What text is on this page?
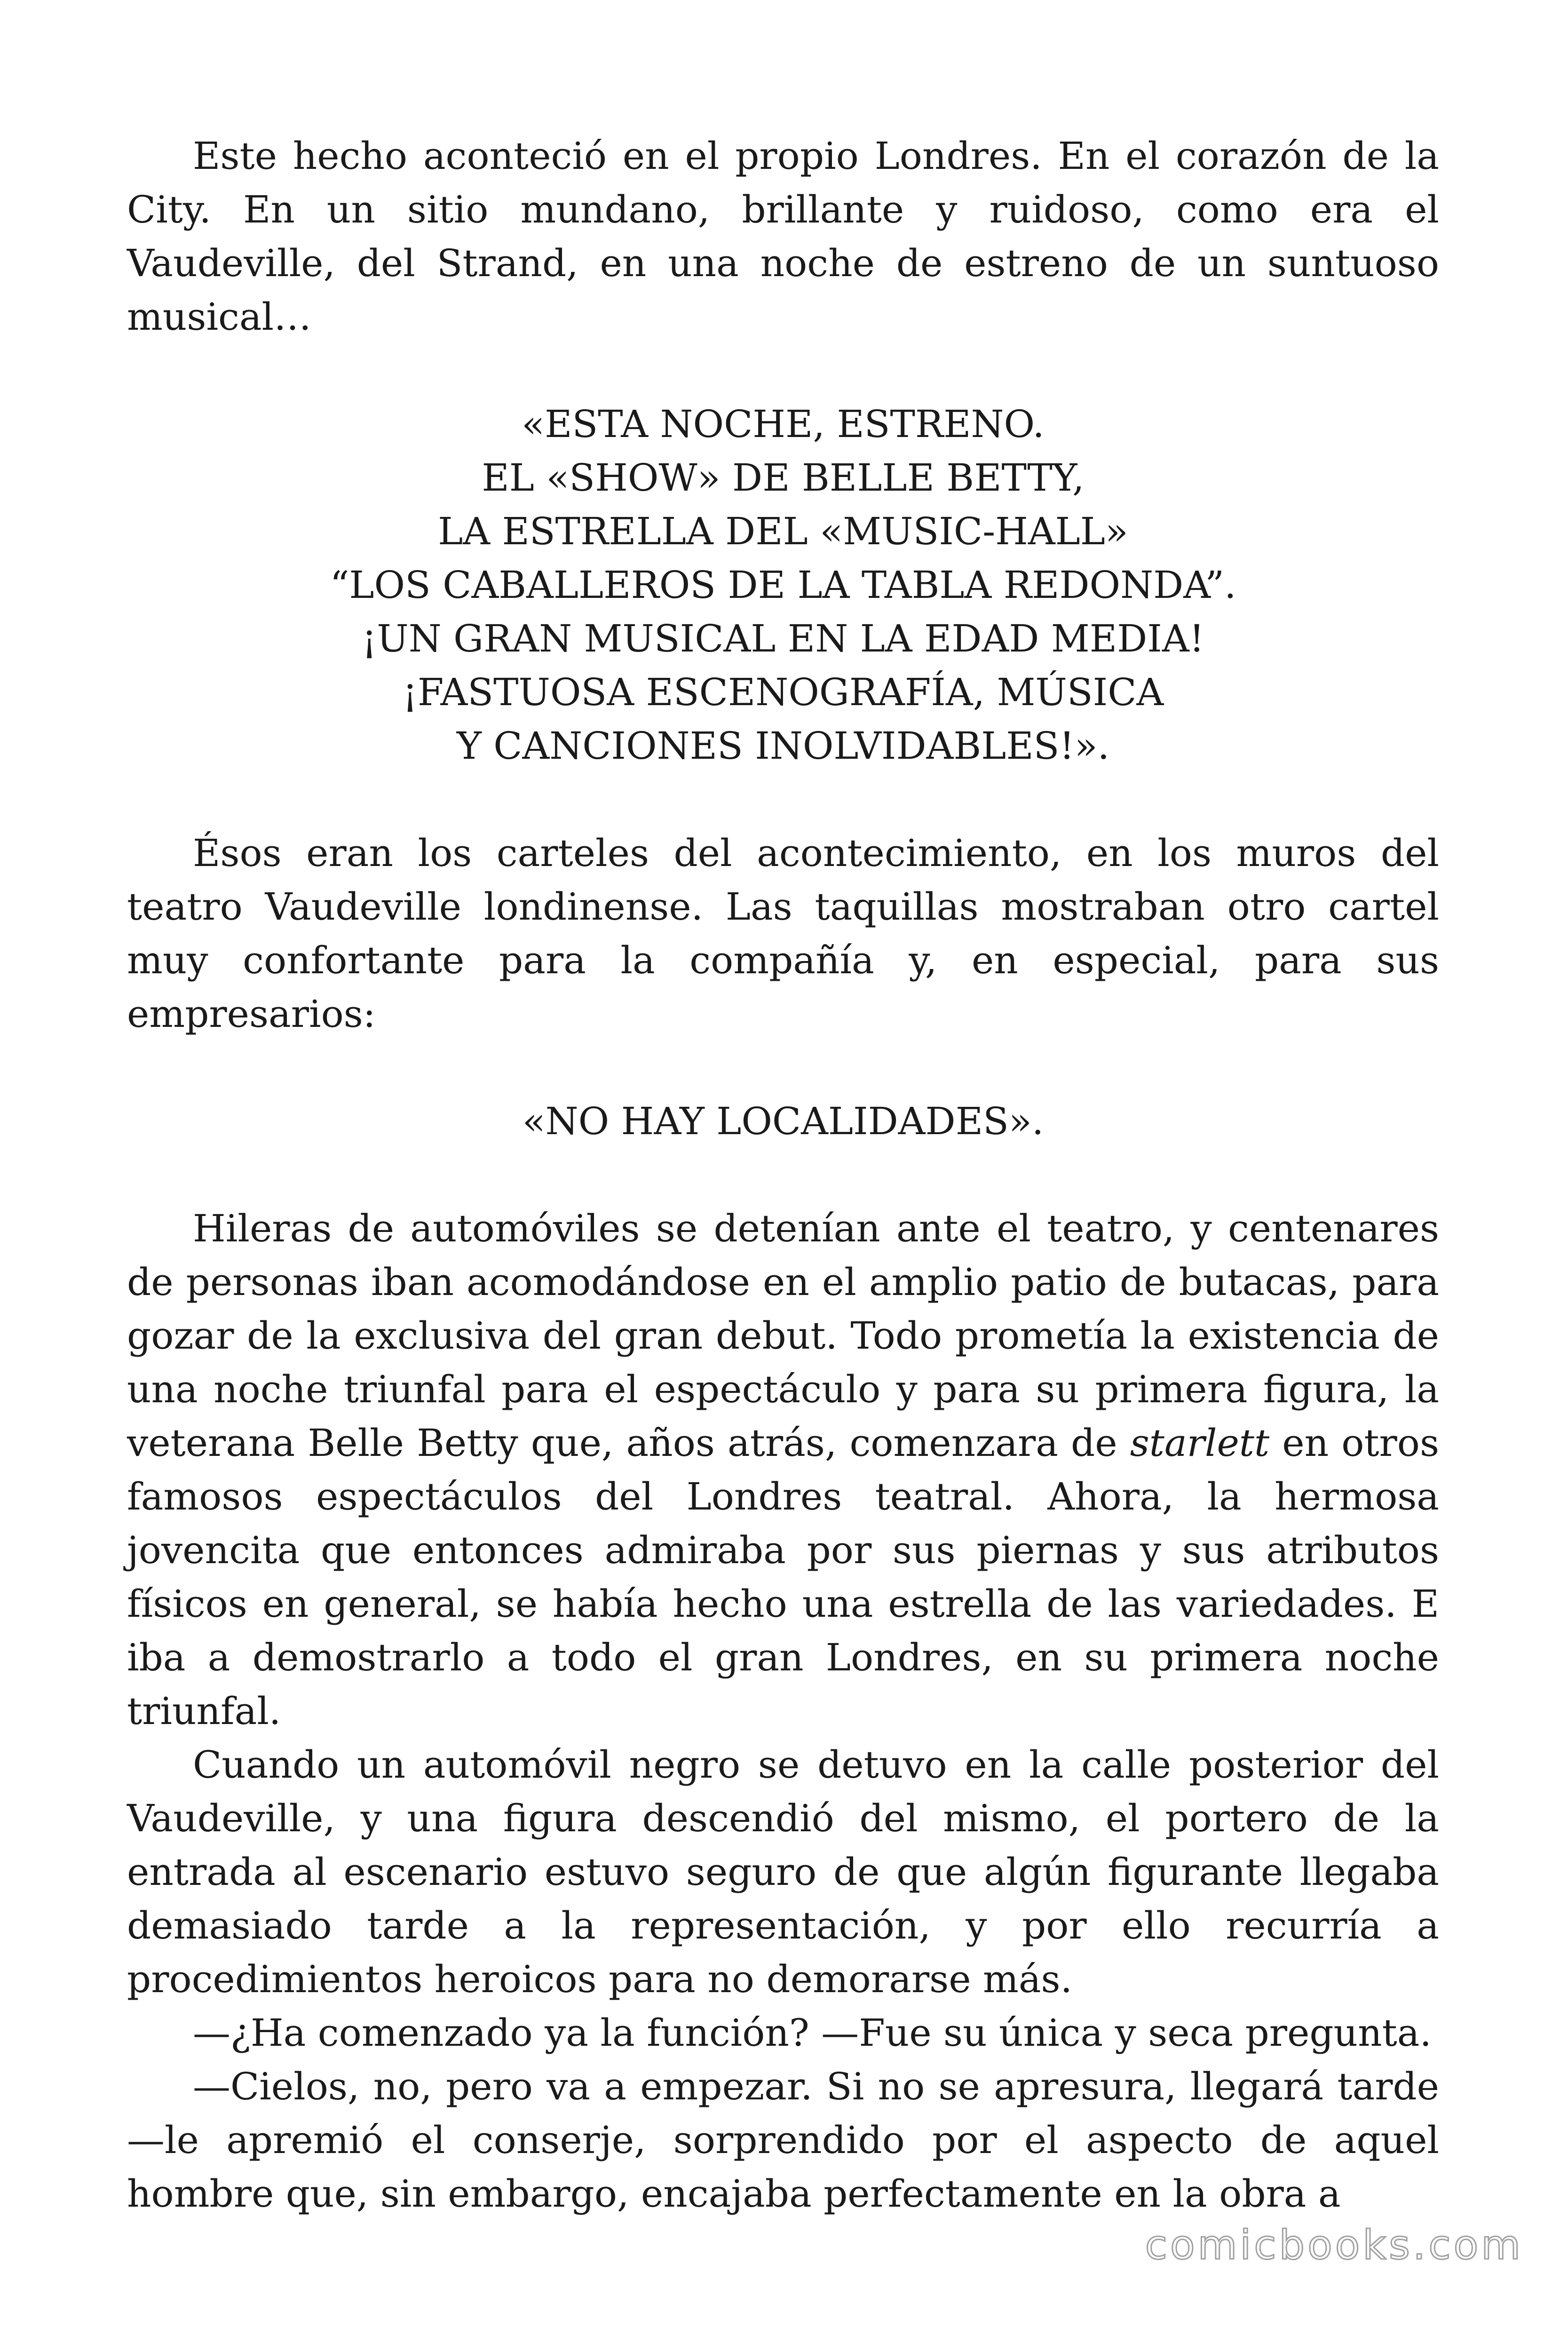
Este hecho aconteció en el propio Londres. En el corazón de la City. En un sitio mundano, brillante y ruidoso, como era el Vaudeville, del Strand, en una noche de estreno de un suntuoso musical…

«ESTA NOCHE, ESTRENO.
EL «SHOW» DE BELLE BETTY,
LA ESTRELLA DEL «MUSIC-HALL»
“LOS CABALLEROS DE LA TABLA REDONDA”.
¡UN GRAN MUSICAL EN LA EDAD MEDIA!
¡FASTUOSA ESCENOGRAFÍA, MÚSICA
Y CANCIONES INOLVIDABLES!».

Ésos eran los carteles del acontecimiento, en los muros del teatro Vaudeville londinense. Las taquillas mostraban otro cartel muy confortante para la compañía y, en especial, para sus empresarios:

«NO HAY LOCALIDADES».

Hileras de automóviles se detenían ante el teatro, y centenares de personas iban acomodándose en el amplio patio de butacas, para gozar de la exclusiva del gran debut. Todo prometía la existencia de una noche triunfal para el espectáculo y para su primera figura, la veterana Belle Betty que, años atrás, comenzara de starlett en otros famosos espectáculos del Londres teatral. Ahora, la hermosa jovencita que entonces admiraba por sus piernas y sus atributos físicos en general, se había hecho una estrella de las variedades. E iba a demostrarlo a todo el gran Londres, en su primera noche triunfal.

Cuando un automóvil negro se detuvo en la calle posterior del Vaudeville, y una figura descendió del mismo, el portero de la entrada al escenario estuvo seguro de que algún figurante llegaba demasiado tarde a la representación, y por ello recurría a procedimientos heroicos para no demorarse más.

—¿Ha comenzado ya la función? —Fue su única y seca pregunta.

—Cielos, no, pero va a empezar. Si no se apresura, llegará tarde —le apremió el conserje, sorprendido por el aspecto de aquel hombre que, sin embargo, encajaba perfectamente en la obra a

comicbooks.com
